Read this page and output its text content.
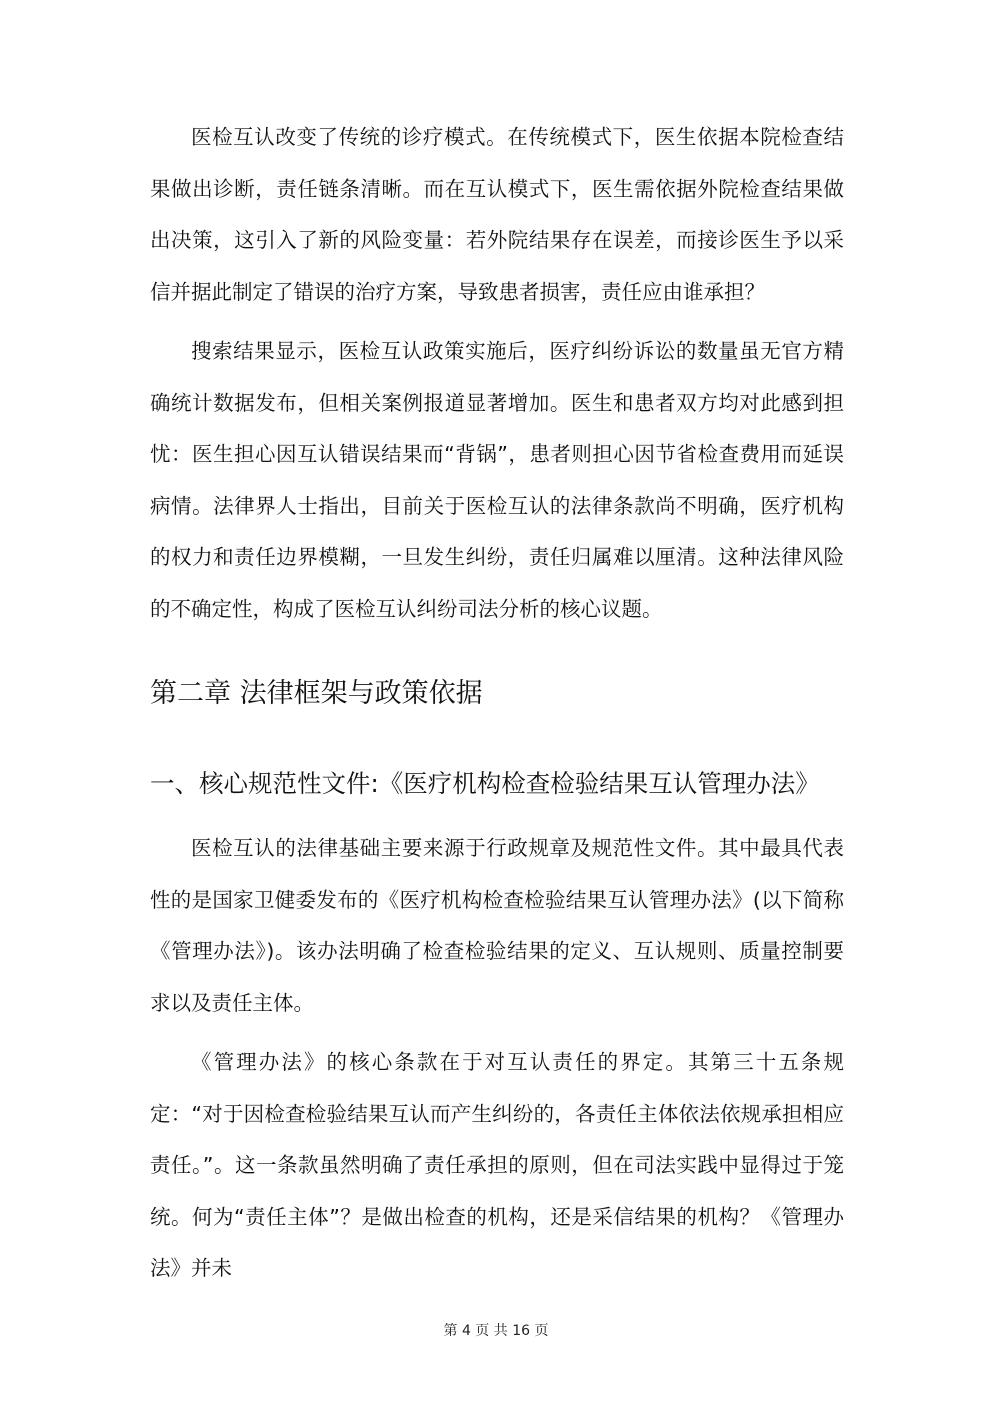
医检互认改变了传统的诊疗模式。在传统模式下，医生依据本院检查结果做出诊断，责任链条清晰。而在互认模式下，医生需依据外院检查结果做出决策，这引入了新的风险变量：若外院结果存在误差，而接诊医生予以采信并据此制定了错误的治疗方案，导致患者损害，责任应由谁承担？

搜索结果显示，医检互认政策实施后，医疗纠纷诉讼的数量虽无官方精确统计数据发布，但相关案例报道显著增加。医生和患者双方均对此感到担忧：医生担心因互认错误结果而“背锅”，患者则担心因节省检查费用而延误病情。法律界人士指出，目前关于医检互认的法律条款尚不明确，医疗机构的权力和责任边界模糊，一旦发生纠纷，责任归属难以厘清。这种法律风险的不确定性，构成了医检互认纠纷司法分析的核心议题。

第二章 法律框架与政策依据
一、核心规范性文件:《医疗机构检查检验结果互认管理办法》

医检互认的法律基础主要来源于行政规章及规范性文件。其中最具代表性的是国家卫健委发布的《医疗机构检查检验结果互认管理办法》(以下简称《管理办法》)。该办法明确了检查检验结果的定义、互认规则、质量控制要求以及责任主体。

《管理办法》的核心条款在于对互认责任的界定。其第三十五条规定：“对于因检查检验结果互认而产生纠纷的，各责任主体依法依规承担相应责任。”。这一条款虽然明确了责任承担的原则，但在司法实践中显得过于笼统。何为“责任主体”？是做出检查的机构，还是采信结果的机构？《管理办法》并未

第 4 页 共 16 页
